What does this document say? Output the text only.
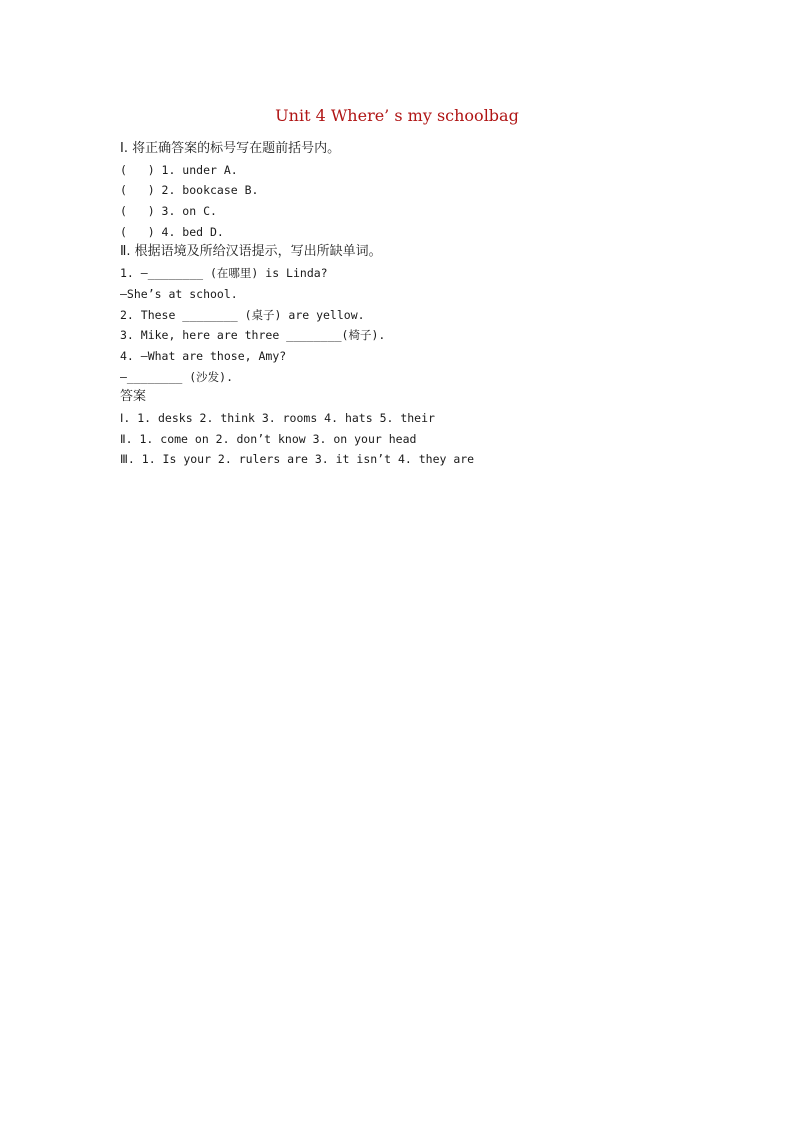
Unit 4 Where’ s my schoolbag
Ⅰ. 将正确答案的标号写在题前括号内。
(   ) 1. under A.
(   ) 2. bookcase B.
(   ) 3. on C.
(   ) 4. bed D.
Ⅱ. 根据语境及所给汉语提示，写出所缺单词。
1. —________ (在哪里) is Linda?
—She’s at school.
2. These ________ (桌子) are yellow.
3. Mike, here are three ________(椅子).
4. —What are those, Amy?
—________ (沙发).
答案
Ⅰ. 1. desks 2. think 3. rooms 4. hats 5. their
Ⅱ. 1. come on 2. don’t know 3. on your head
Ⅲ. 1. Is your 2. rulers are 3. it isn’t 4. they are
